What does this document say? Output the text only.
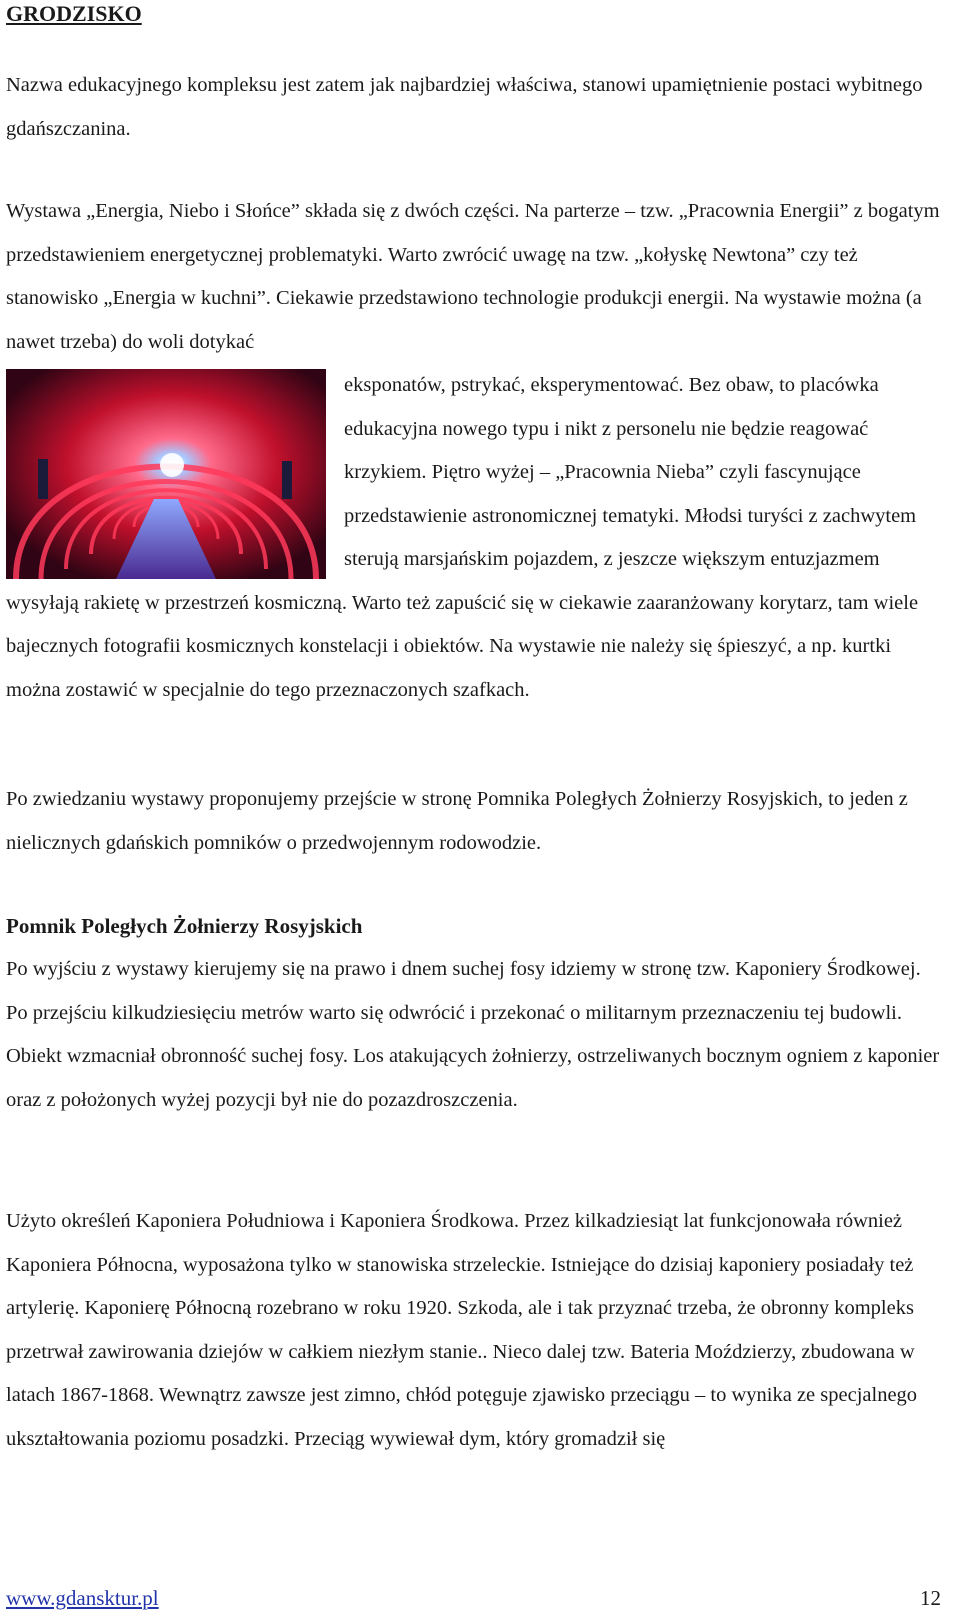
GRODZISKO

Nazwa edukacyjnego kompleksu jest zatem jak najbardziej właściwa, stanowi upamiętnienie postaci wybitnego gdańszczanina.

Wystawa „Energia, Niebo i Słońce” składa się z dwóch części. Na parterze – tzw. „Pracownia Energii” z bogatym przedstawieniem energetycznej problematyki. Warto zwrócić uwagę na tzw. „kołyskę Newtona” czy też stanowisko „Energia w kuchni”. Ciekawie przedstawiono technologie produkcji energii. Na wystawie można (a nawet trzeba) do woli dotykać

eksponatów, pstrykać, eksperymentować. Bez obaw, to placówka edukacyjna nowego typu i nikt z personelu nie będzie reagować krzykiem. Piętro wyżej – „Pracownia Nieba” czyli fascynujące przedstawienie astronomicznej tematyki. Młodsi turyści z zachwytem sterują marsjańskim pojazdem, z jeszcze większym entuzjazmem wysyłają rakietę w przestrzeń kosmiczną. Warto też zapuścić się w ciekawie zaaranżowany korytarz, tam wiele bajecznych fotografii kosmicznych konstelacji i obiektów. Na wystawie nie należy się śpieszyć, a np. kurtki można zostawić w specjalnie do tego przeznaczonych szafkach.

Po zwiedzaniu wystawy proponujemy przejście w stronę Pomnika Poległych Żołnierzy Rosyjskich, to jeden z nielicznych gdańskich pomników o przedwojennym rodowodzie.

Pomnik Poległych Żołnierzy Rosyjskich

Po wyjściu z wystawy kierujemy się na prawo i dnem suchej fosy idziemy w stronę tzw. Kaponiery Środkowej. Po przejściu kilkudziesięciu metrów warto się odwrócić i przekonać o militarnym przeznaczeniu tej budowli. Obiekt wzmacniał obronność suchej fosy. Los atakujących żołnierzy, ostrzeliwanych bocznym ogniem z kaponier oraz z położonych wyżej pozycji był nie do pozazdroszczenia.

Użyto określeń Kaponiera Południowa i Kaponiera Środkowa. Przez kilkadziesiąt lat funkcjonowała również Kaponiera Północna, wyposażona tylko w stanowiska strzeleckie. Istniejące do dzisiaj kaponiery posiadały też artylerię. Kaponierę Północną rozebrano w roku 1920. Szkoda, ale i tak przyznać trzeba, że obronny kompleks przetrwał zawirowania dziejów w całkiem niezłym stanie.. Nieco dalej tzw. Bateria Moździerzy, zbudowana w latach 1867-1868. Wewnątrz zawsze jest zimno, chłód potęguje zjawisko przeciągu – to wynika ze specjalnego ukształtowania poziomu posadzki. Przeciąg wywiewał dym, który gromadził się

www.gdansktur.pl	12
